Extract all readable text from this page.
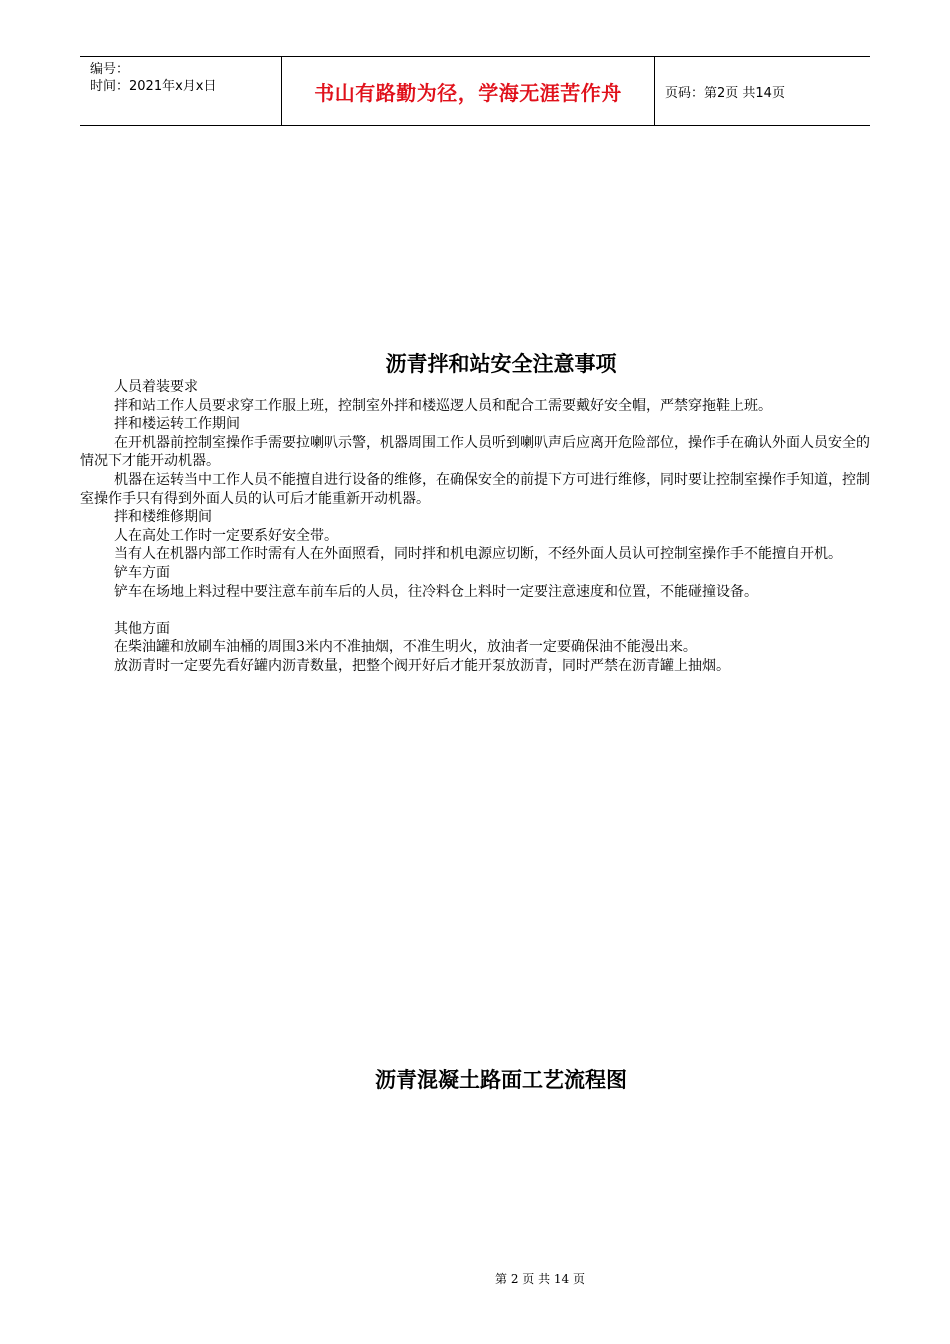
编号：
时间：2021年x月x日	书山有路勤为径，学海无涯苦作舟	页码：第2页 共14页
沥青拌和站安全注意事项

人员着装要求

拌和站工作人员要求穿工作服上班，控制室外拌和楼巡逻人员和配合工需要戴好安全帽，严禁穿拖鞋上班。

拌和楼运转工作期间

在开机器前控制室操作手需要拉喇叭示警，机器周围工作人员听到喇叭声后应离开危险部位，操作手在确认外面人员安全的情况下才能开动机器。

机器在运转当中工作人员不能擅自进行设备的维修，在确保安全的前提下方可进行维修，同时要让控制室操作手知道，控制室操作手只有得到外面人员的认可后才能重新开动机器。

拌和楼维修期间

人在高处工作时一定要系好安全带。

当有人在机器内部工作时需有人在外面照看，同时拌和机电源应切断，不经外面人员认可控制室操作手不能擅自开机。

铲车方面

铲车在场地上料过程中要注意车前车后的人员，往冷料仓上料时一定要注意速度和位置，不能碰撞设备。

其他方面

在柴油罐和放刷车油桶的周围3米内不准抽烟，不准生明火，放油者一定要确保油不能漫出来。

放沥青时一定要先看好罐内沥青数量，把整个阀开好后才能开泵放沥青，同时严禁在沥青罐上抽烟。

沥青混凝土路面工艺流程图
第 2 页 共 14 页
